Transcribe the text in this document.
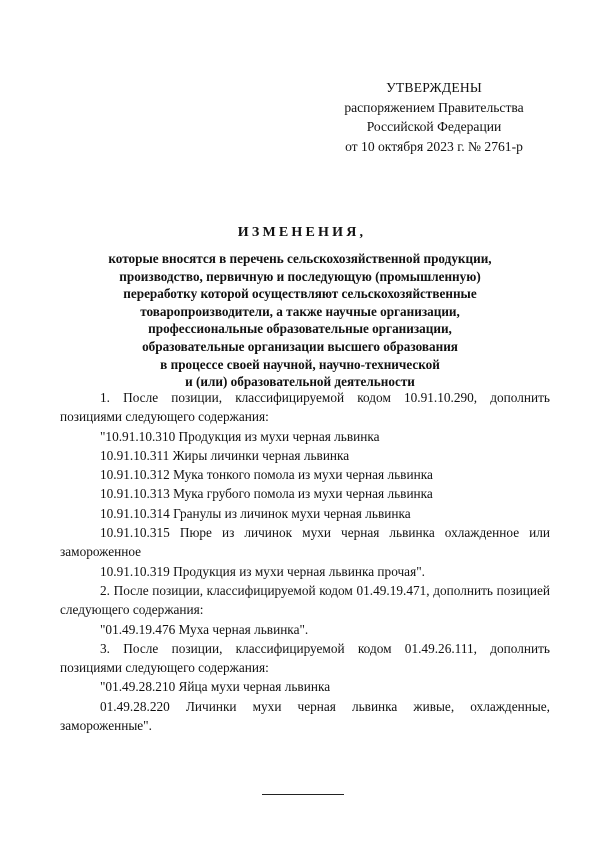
УТВЕРЖДЕНЫ
распоряжением Правительства
Российской Федерации
от 10 октября 2023 г. № 2761-р
ИЗМЕНЕНИЯ,
которые вносятся в перечень сельскохозяйственной продукции,
производство, первичную и последующую (промышленную)
переработку которой осуществляют сельскохозяйственные
товаропроизводители, а также научные организации,
профессиональные образовательные организации,
образовательные организации высшего образования
в процессе своей научной, научно-технической
и (или) образовательной деятельности
1. После позиции, классифицируемой кодом 10.91.10.290, дополнить позициями следующего содержания:
"10.91.10.310 Продукция из мухи черная львинка
10.91.10.311 Жиры личинки черная львинка
10.91.10.312 Мука тонкого помола из мухи черная львинка
10.91.10.313 Мука грубого помола из мухи черная львинка
10.91.10.314 Гранулы из личинок мухи черная львинка
10.91.10.315 Пюре из личинок мухи черная львинка охлажденное или замороженное
10.91.10.319 Продукция из мухи черная львинка прочая".
2. После позиции, классифицируемой кодом 01.49.19.471, дополнить позицией следующего содержания:
"01.49.19.476 Муха черная львинка".
3. После позиции, классифицируемой кодом 01.49.26.111, дополнить позициями следующего содержания:
"01.49.28.210 Яйца мухи черная львинка
01.49.28.220 Личинки мухи черная львинка живые, охлажденные, замороженные".
